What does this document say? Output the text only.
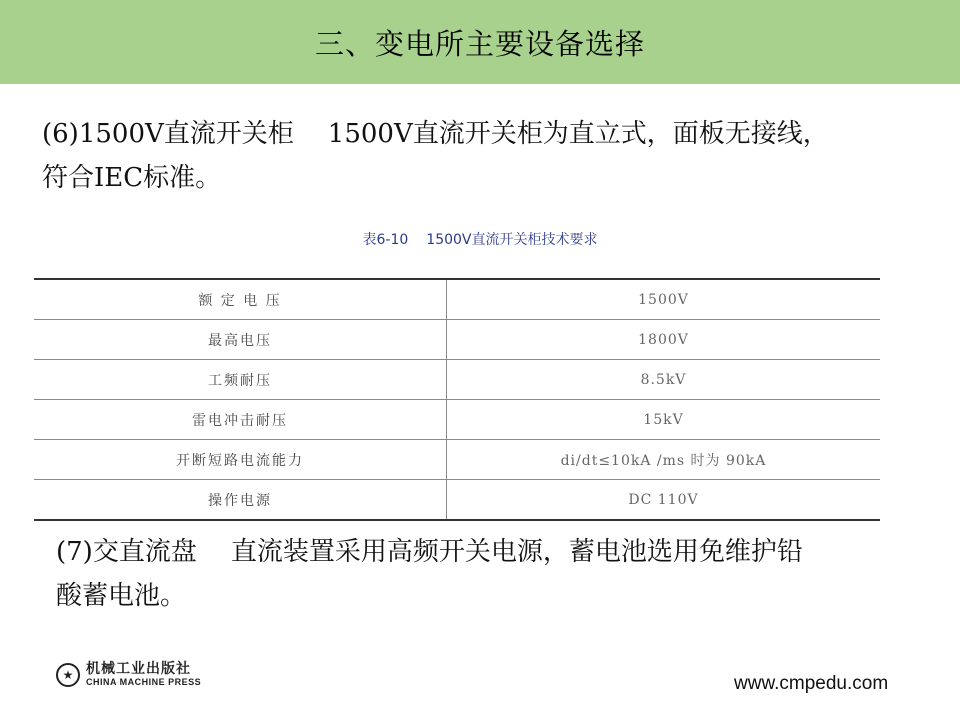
三、变电所主要设备选择
(6)1500V直流开关柜 1500V直流开关柜为直立式，面板无接线，
符合IEC标准。
表6-10 1500V直流开关柜技术要求
额 定 电 压	1500V
最高电压	1800V
工频耐压	8.5kV
雷电冲击耐压	15kV
开断短路电流能力	di/dt≤10kA /ms 时为 90kA
操作电源	DC 110V
(7)交直流盘 直流装置采用高频开关电源，蓄电池选用免维护铅
酸蓄电池。
★ 机械工业出版社
CHINA MACHINE PRESS	www.cmpedu.com
